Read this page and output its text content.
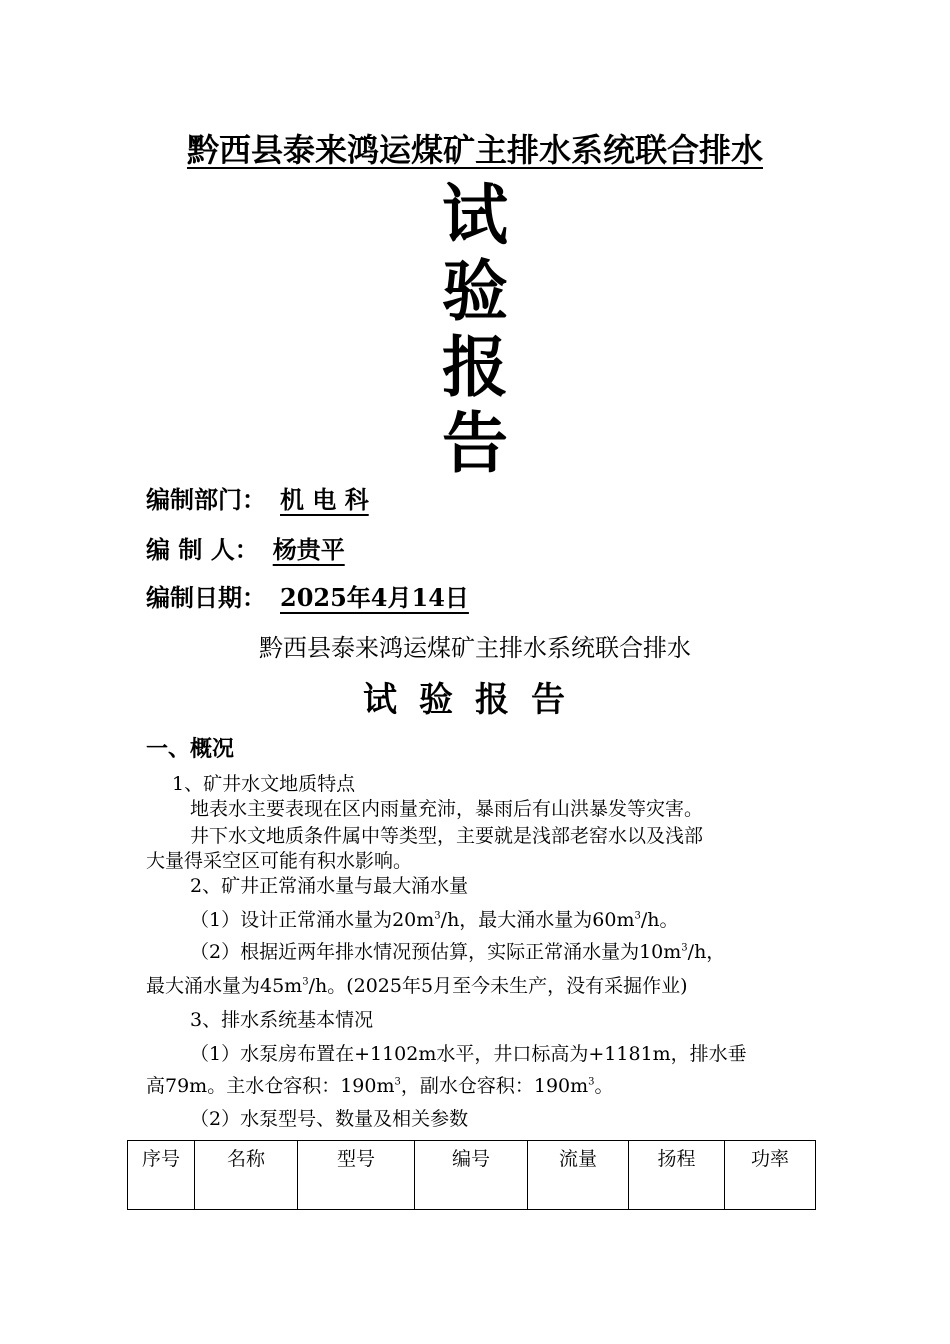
黔西县泰来鸿运煤矿主排水系统联合排水
试
验
报
告
编制部门： 机 电 科
编 制 人： 杨贵平
编制日期： 2025年4月14日
黔西县泰来鸿运煤矿主排水系统联合排水
试验报告
一、概况
1、矿井水文地质特点
地表水主要表现在区内雨量充沛，暴雨后有山洪暴发等灾害。
井下水文地质条件属中等类型，主要就是浅部老窑水以及浅部
大量得采空区可能有积水影响。
2、矿井正常涌水量与最大涌水量
（1）设计正常涌水量为$20m^3/h$，最大涌水量为$60m^3/h$。
（2）根据近两年排水情况预估算，实际正常涌水量为$10m^3/h$，
最大涌水量为$45m^3/h$。(2025年5月至今未生产，没有采掘作业)
3、排水系统基本情况
（1）水泵房布置在+1102m水平，井口标高为+1181m，排水垂
高79m。主水仓容积：$190m^3$，副水仓容积：$190m^3$。
（2）水泵型号、数量及相关参数
序号	名称	型号	编号	流量	扬程	功率
